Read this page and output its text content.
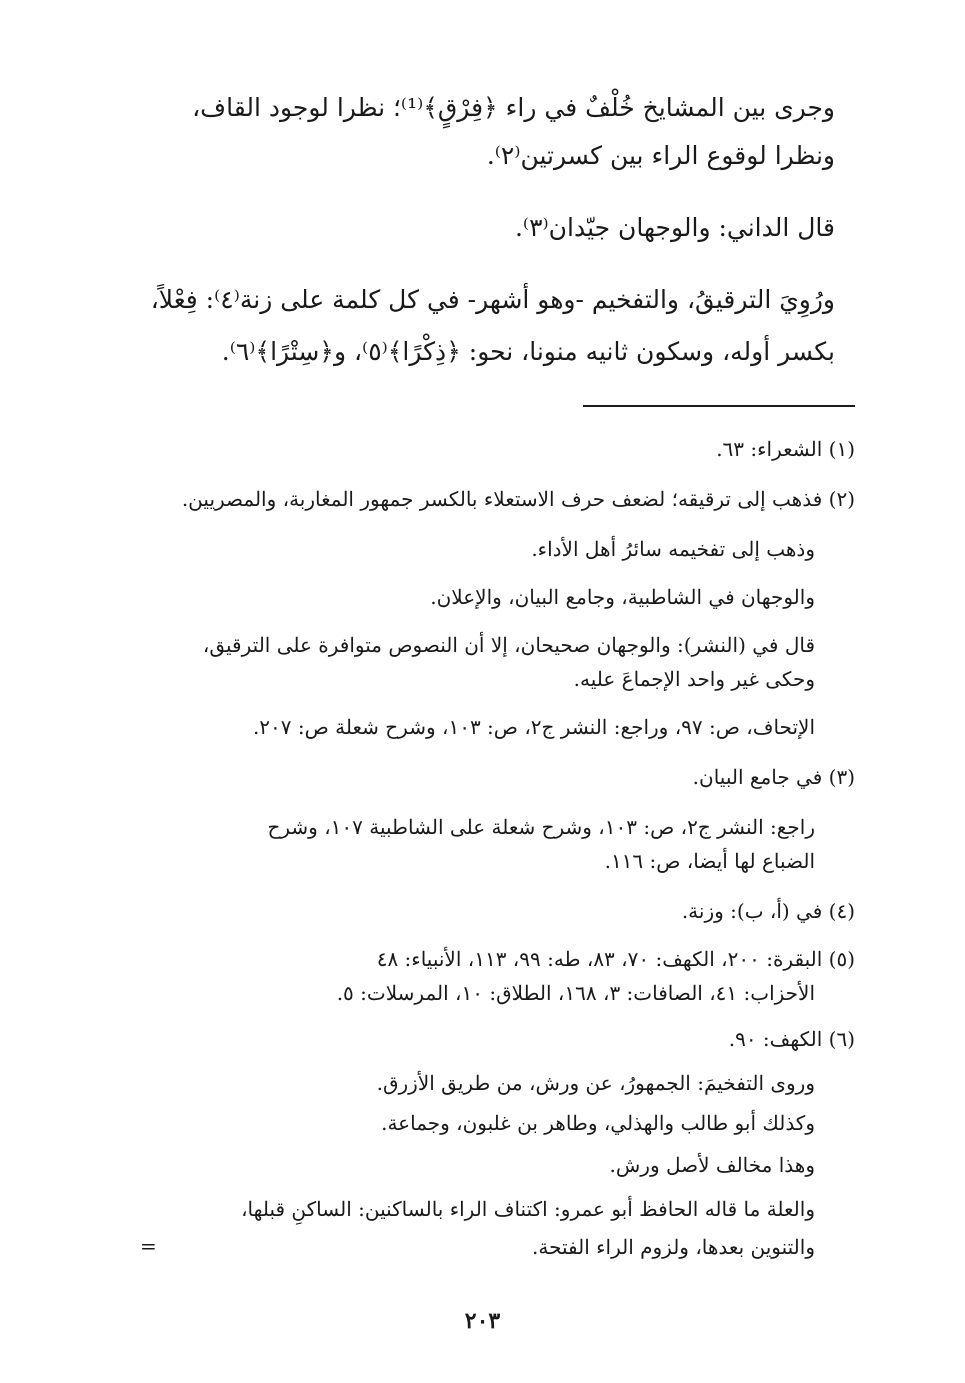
وجرى بين المشايخ خُلْفٌ في راء ﴿فِرْقٍ﴾⁽¹⁾؛ نظرا لوجود القاف،
ونظرا لوقوع الراء بين كسرتين⁽٢⁾.
قال الداني: والوجهان جيّدان⁽٣⁾.
ورُوِيَ الترقيقُ، والتفخيم -وهو أشهر- في كل كلمة على زنة⁽٤⁾: فِعْلاً،
بكسر أوله، وسكون ثانيه منونا، نحو: ﴿ذِكْرًا﴾⁽٥⁾، و﴿سِتْرًا﴾⁽٦⁾.
(١) الشعراء: ٦٣.
(٢) فذهب إلى ترقيقه؛ لضعف حرف الاستعلاء بالكسر جمهور المغاربة، والمصريين.
وذهب إلى تفخيمه سائرُ أهل الأداء.
والوجهان في الشاطبية، وجامع البيان، والإعلان.
قال في (النشر): والوجهان صحيحان، إلا أن النصوص متوافرة على الترقيق،
وحكى غير واحد الإجماعَ عليه.
الإتحاف، ص: ٩٧، وراجع: النشر ج٢، ص: ١٠٣، وشرح شعلة ص: ٢٠٧.
(٣) في جامع البيان.
راجع: النشر ج٢، ص: ١٠٣، وشرح شعلة على الشاطبية ١٠٧، وشرح
الضباع لها أيضا، ص: ١١٦.
(٤) في (أ، ب): وزنة.
(٥) البقرة: ٢٠٠، الكهف: ٧٠، ٨٣، طه: ٩٩، ١١٣، الأنبياء: ٤٨
الأحزاب: ٤١، الصافات: ٣، ١٦٨، الطلاق: ١٠، المرسلات: ٥.
(٦) الكهف: ٩٠.
وروى التفخيمَ: الجمهورُ، عن ورش، من طريق الأزرق.
وكذلك أبو طالب والهذلي، وطاهر بن غلبون، وجماعة.
وهذا مخالف لأصل ورش.
والعلة ما قاله الحافظ أبو عمرو: اكتناف الراء بالساكنين: الساكنِ قبلها،
والتنوين بعدها، ولزوم الراء الفتحة.
=
٢٠٣
